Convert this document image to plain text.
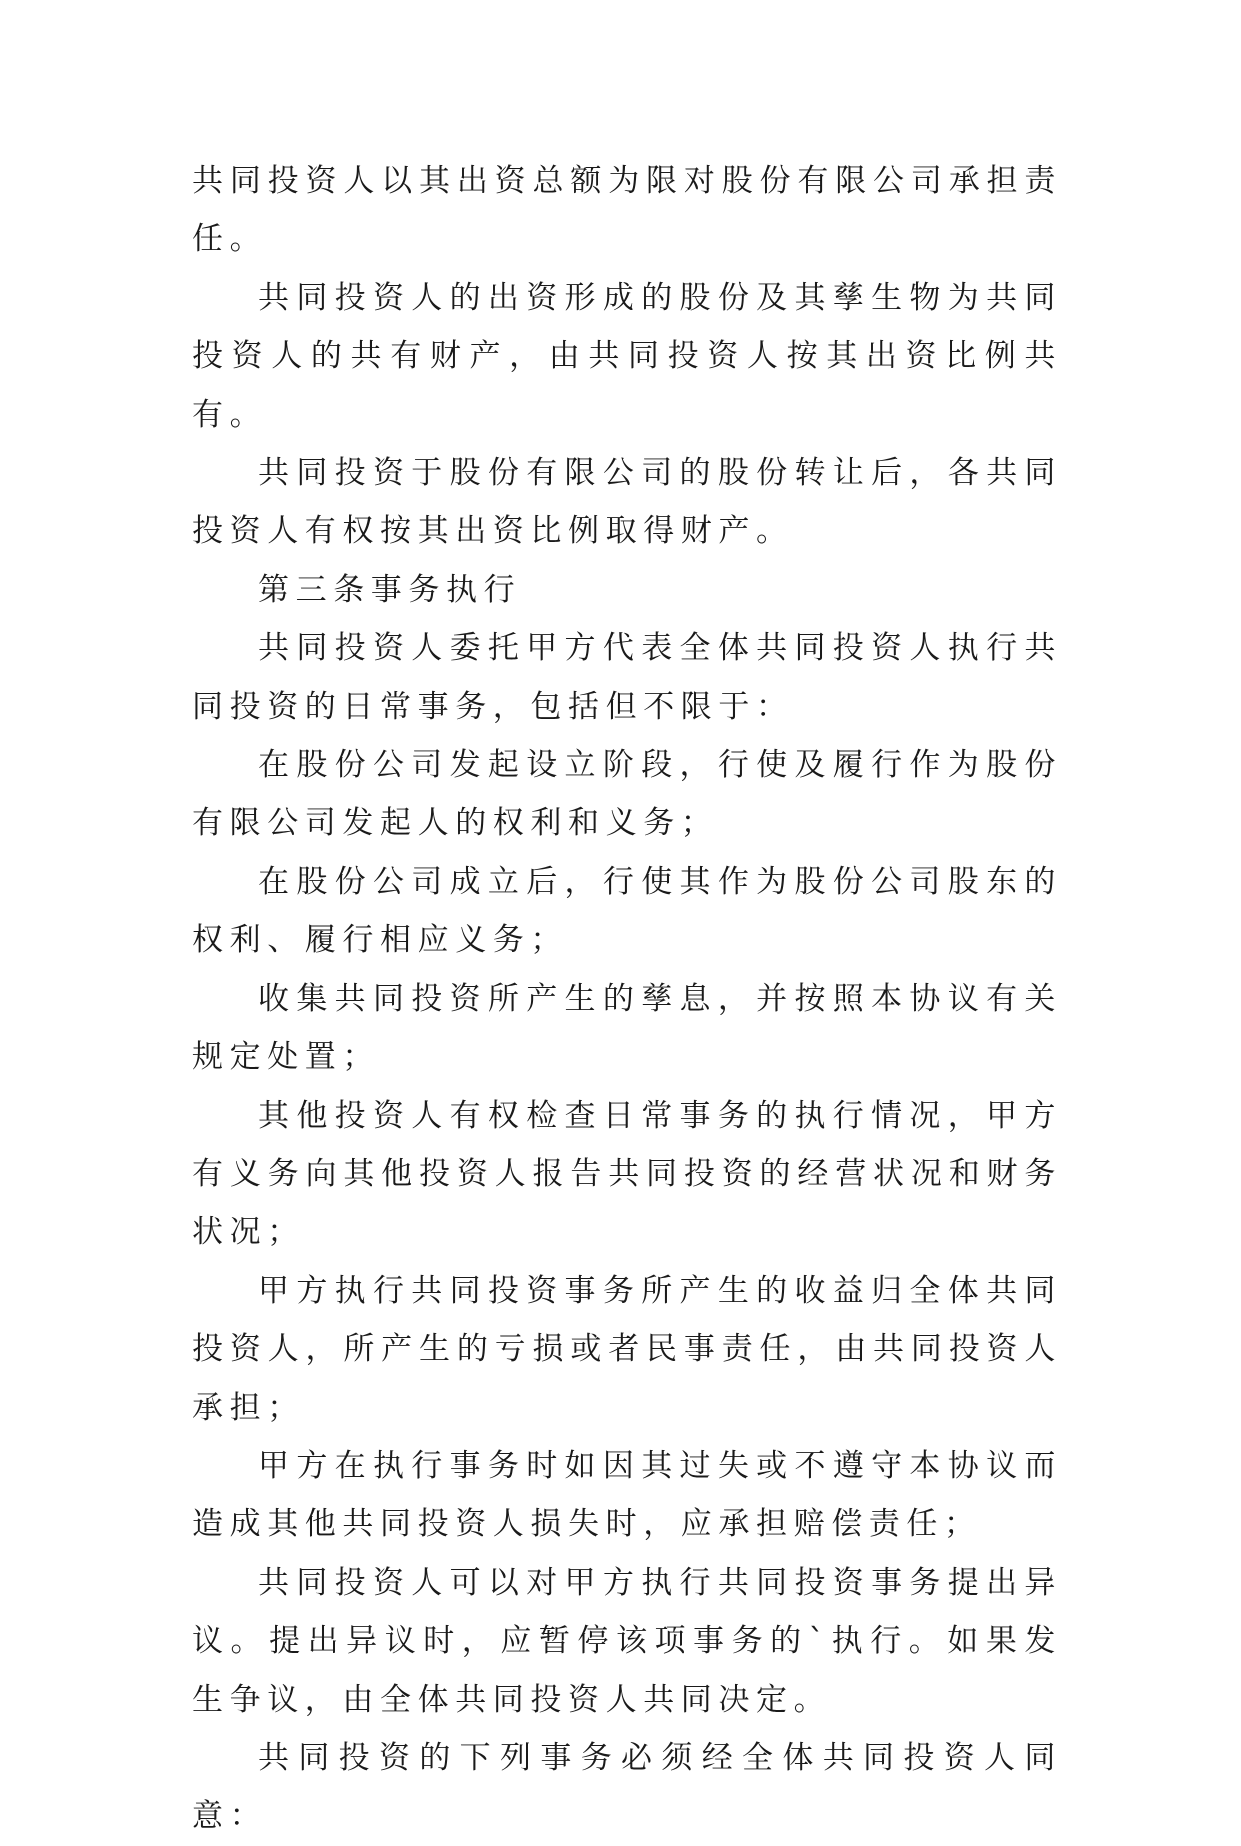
共同投资人以其出资总额为限对股份有限公司承担责任。

共同投资人的出资形成的股份及其孳生物为共同投资人的共有财产，由共同投资人按其出资比例共有。

共同投资于股份有限公司的股份转让后，各共同投资人有权按其出资比例取得财产。

第三条事务执行

共同投资人委托甲方代表全体共同投资人执行共同投资的日常事务，包括但不限于：

在股份公司发起设立阶段，行使及履行作为股份有限公司发起人的权利和义务；

在股份公司成立后，行使其作为股份公司股东的权利、履行相应义务；

收集共同投资所产生的孳息，并按照本协议有关规定处置；

其他投资人有权检查日常事务的执行情况，甲方有义务向其他投资人报告共同投资的经营状况和财务状况；

甲方执行共同投资事务所产生的收益归全体共同投资人，所产生的亏损或者民事责任，由共同投资人承担；

甲方在执行事务时如因其过失或不遵守本协议而造成其他共同投资人损失时，应承担赔偿责任；

共同投资人可以对甲方执行共同投资事务提出异议。提出异议时，应暂停该项事务的`执行。如果发生争议，由全体共同投资人共同决定。

共同投资的下列事务必须经全体共同投资人同意：
